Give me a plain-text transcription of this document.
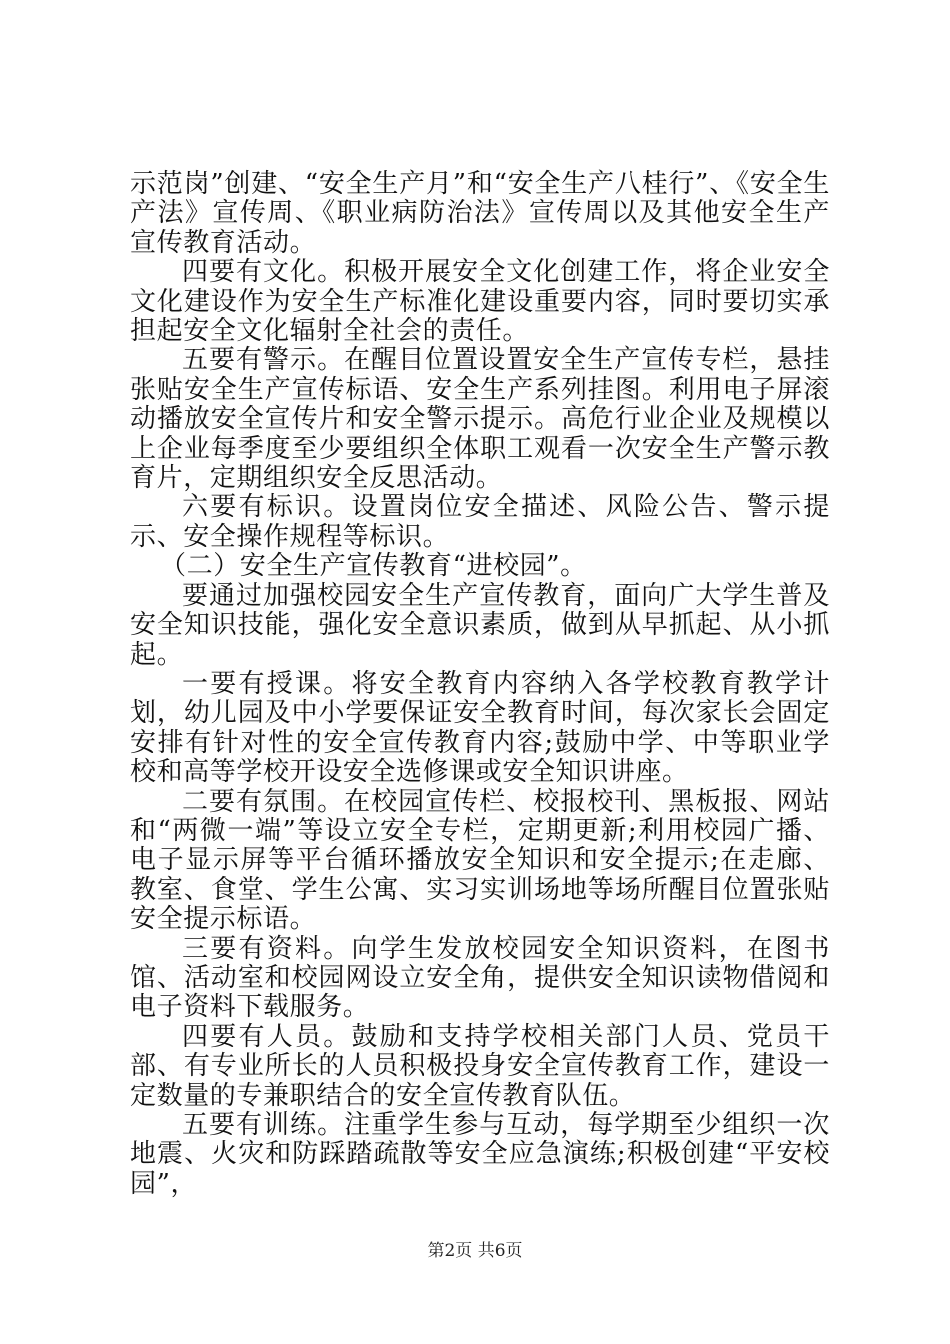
示范岗”创建、“安全生产月”和“安全生产八桂行”、《安全生产法》宣传周、《职业病防治法》宣传周以及其他安全生产宣传教育活动。

四要有文化。积极开展安全文化创建工作，将企业安全文化建设作为安全生产标准化建设重要内容，同时要切实承担起安全文化辐射全社会的责任。

五要有警示。在醒目位置设置安全生产宣传专栏，悬挂张贴安全生产宣传标语、安全生产系列挂图。利用电子屏滚动播放安全宣传片和安全警示提示。高危行业企业及规模以上企业每季度至少要组织全体职工观看一次安全生产警示教育片，定期组织安全反思活动。

六要有标识。设置岗位安全描述、风险公告、警示提示、安全操作规程等标识。

（二）安全生产宣传教育“进校园”。

要通过加强校园安全生产宣传教育，面向广大学生普及安全知识技能，强化安全意识素质，做到从早抓起、从小抓起。

一要有授课。将安全教育内容纳入各学校教育教学计划，幼儿园及中小学要保证安全教育时间，每次家长会固定安排有针对性的安全宣传教育内容;鼓励中学、中等职业学校和高等学校开设安全选修课或安全知识讲座。

二要有氛围。在校园宣传栏、校报校刊、黑板报、网站和“两微一端”等设立安全专栏，定期更新;利用校园广播、电子显示屏等平台循环播放安全知识和安全提示;在走廊、教室、食堂、学生公寓、实习实训场地等场所醒目位置张贴安全提示标语。

三要有资料。向学生发放校园安全知识资料，在图书馆、活动室和校园网设立安全角，提供安全知识读物借阅和电子资料下载服务。

四要有人员。鼓励和支持学校相关部门人员、党员干部、有专业所长的人员积极投身安全宣传教育工作，建设一定数量的专兼职结合的安全宣传教育队伍。

五要有训练。注重学生参与互动，每学期至少组织一次地震、火灾和防踩踏疏散等安全应急演练;积极创建“平安校园”，

第2页 共6页
